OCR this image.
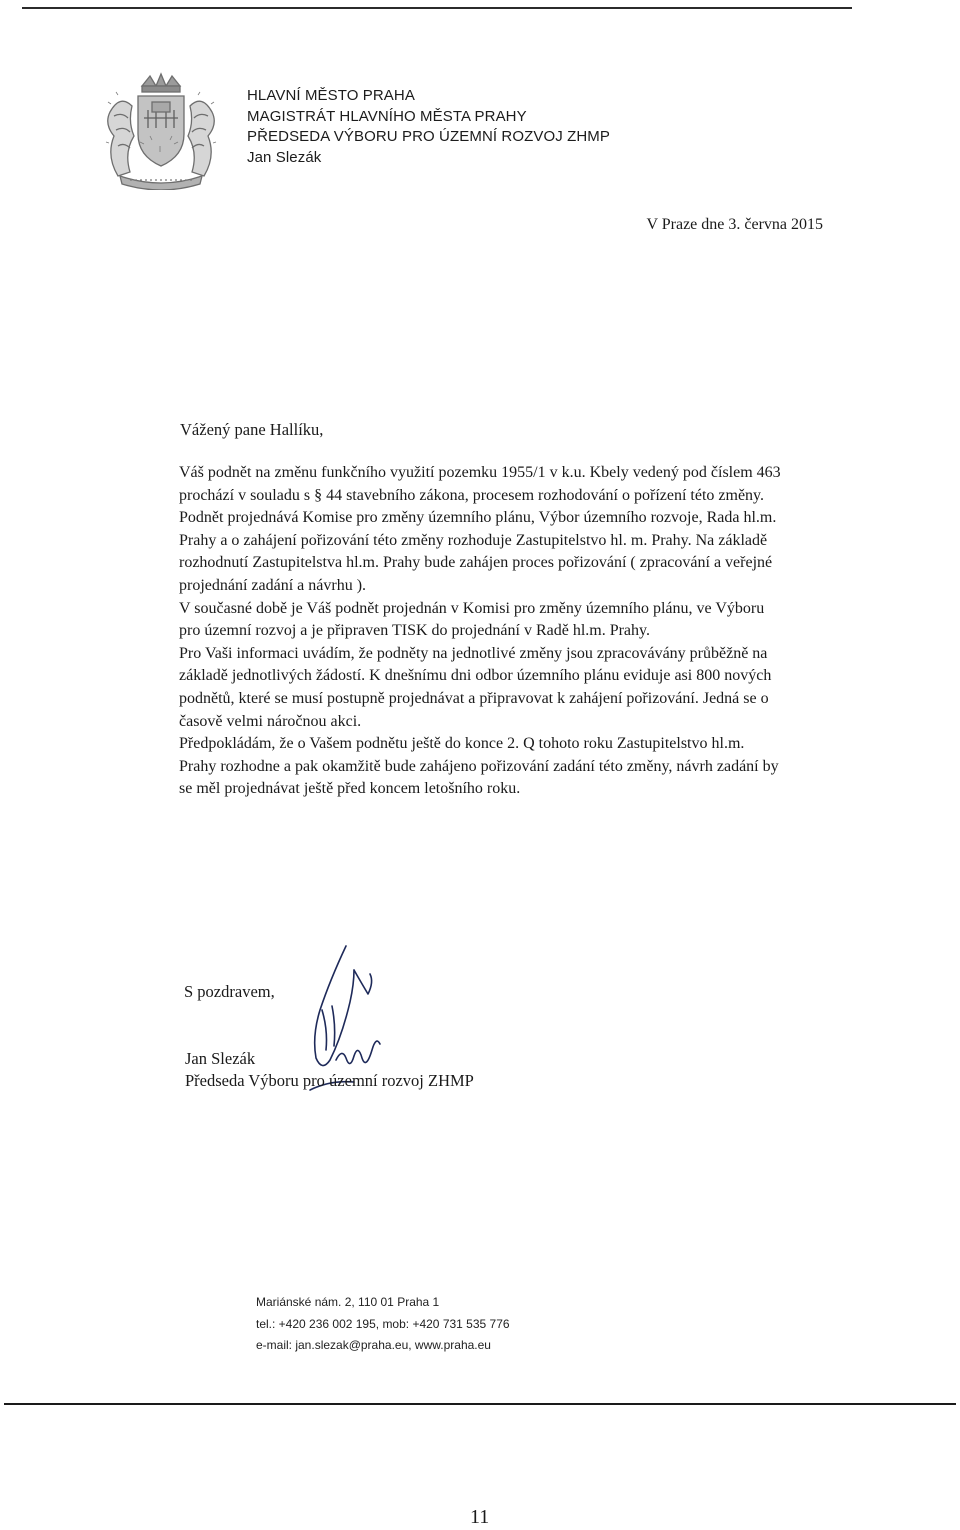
HLAVNÍ MĚSTO PRAHA
MAGISTRÁT HLAVNÍHO MĚSTA PRAHY
PŘEDSEDA VÝBORU PRO ÚZEMNÍ ROZVOJ ZHMP
Jan Slezák
V Praze dne 3. června 2015
Vážený pane Hallíku,
Váš podnět na změnu funkčního využití pozemku 1955/1 v k.u. Kbely vedený pod číslem 463
prochází v souladu s § 44 stavebního zákona, procesem rozhodování o pořízení této změny.
Podnět projednává Komise pro změny územního plánu, Výbor územního rozvoje, Rada hl.m.
Prahy a o zahájení pořizování této změny rozhoduje Zastupitelstvo hl. m. Prahy. Na základě
rozhodnutí Zastupitelstva hl.m. Prahy bude zahájen proces pořizování ( zpracování a veřejné
projednání zadání a návrhu ).
V současné době je Váš podnět projednán v Komisi pro změny územního plánu, ve Výboru
pro územní rozvoj a je připraven TISK do projednání v Radě hl.m. Prahy.
Pro Vaši informaci uvádím, že podněty na jednotlivé změny jsou zpracovávány průběžně na
základě jednotlivých žádostí. K dnešnímu dni odbor územního plánu eviduje asi 800 nových
podnětů, které se musí postupně projednávat a připravovat k zahájení pořizování. Jedná se o
časově velmi náročnou akci.
Předpokládám, že o Vašem podnětu ještě do konce 2. Q tohoto roku Zastupitelstvo hl.m.
Prahy rozhodne a pak okamžitě bude zahájeno pořizování zadání této změny, návrh zadání by
se měl projednávat ještě před koncem letošního roku.
S pozdravem,
Jan Slezák
Předseda Výboru pro územní rozvoj ZHMP
Mariánské nám. 2, 110 01 Praha 1
tel.: +420 236 002 195, mob: +420 731 535 776
e-mail: jan.slezak@praha.eu, www.praha.eu
11
